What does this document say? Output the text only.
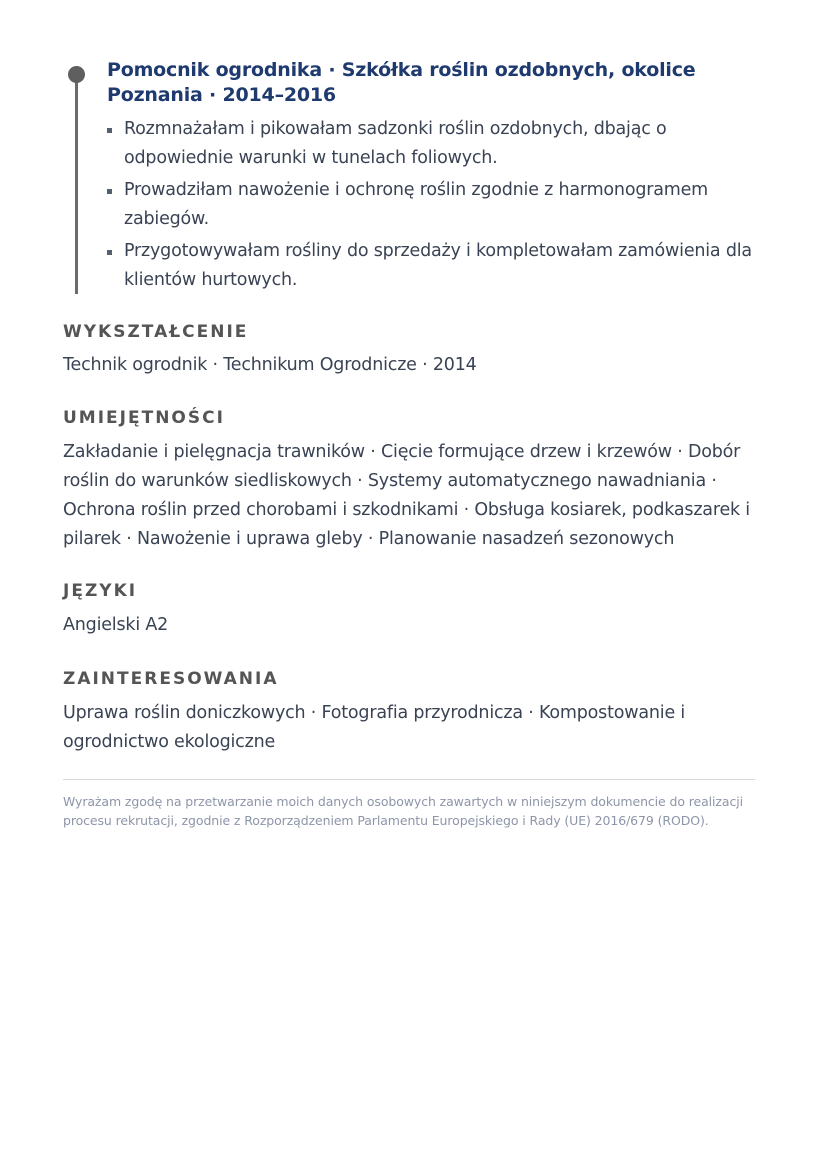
Pomocnik ogrodnika · Szkółka roślin ozdobnych, okolice Poznania · 2014–2016
Rozmnażałam i pikowałam sadzonki roślin ozdobnych, dbając o odpowiednie warunki w tunelach foliowych.
Prowadziłam nawożenie i ochronę roślin zgodnie z harmonogramem zabiegów.
Przygotowywałam rośliny do sprzedaży i kompletowałam zamówienia dla klientów hurtowych.
WYKSZTAŁCENIE
Technik ogrodnik · Technikum Ogrodnicze · 2014
UMIEJĘTNOŚCI
Zakładanie i pielęgnacja trawników · Cięcie formujące drzew i krzewów · Dobór roślin do warunków siedliskowych · Systemy automatycznego nawadniania · Ochrona roślin przed chorobami i szkodnikami · Obsługa kosiarek, podkaszarek i pilarek · Nawożenie i uprawa gleby · Planowanie nasadzeń sezonowych
JĘZYKI
Angielski A2
ZAINTERESOWANIA
Uprawa roślin doniczkowych · Fotografia przyrodnicza · Kompostowanie i ogrodnictwo ekologiczne
Wyrażam zgodę na przetwarzanie moich danych osobowych zawartych w niniejszym dokumencie do realizacji procesu rekrutacji, zgodnie z Rozporządzeniem Parlamentu Europejskiego i Rady (UE) 2016/679 (RODO).
